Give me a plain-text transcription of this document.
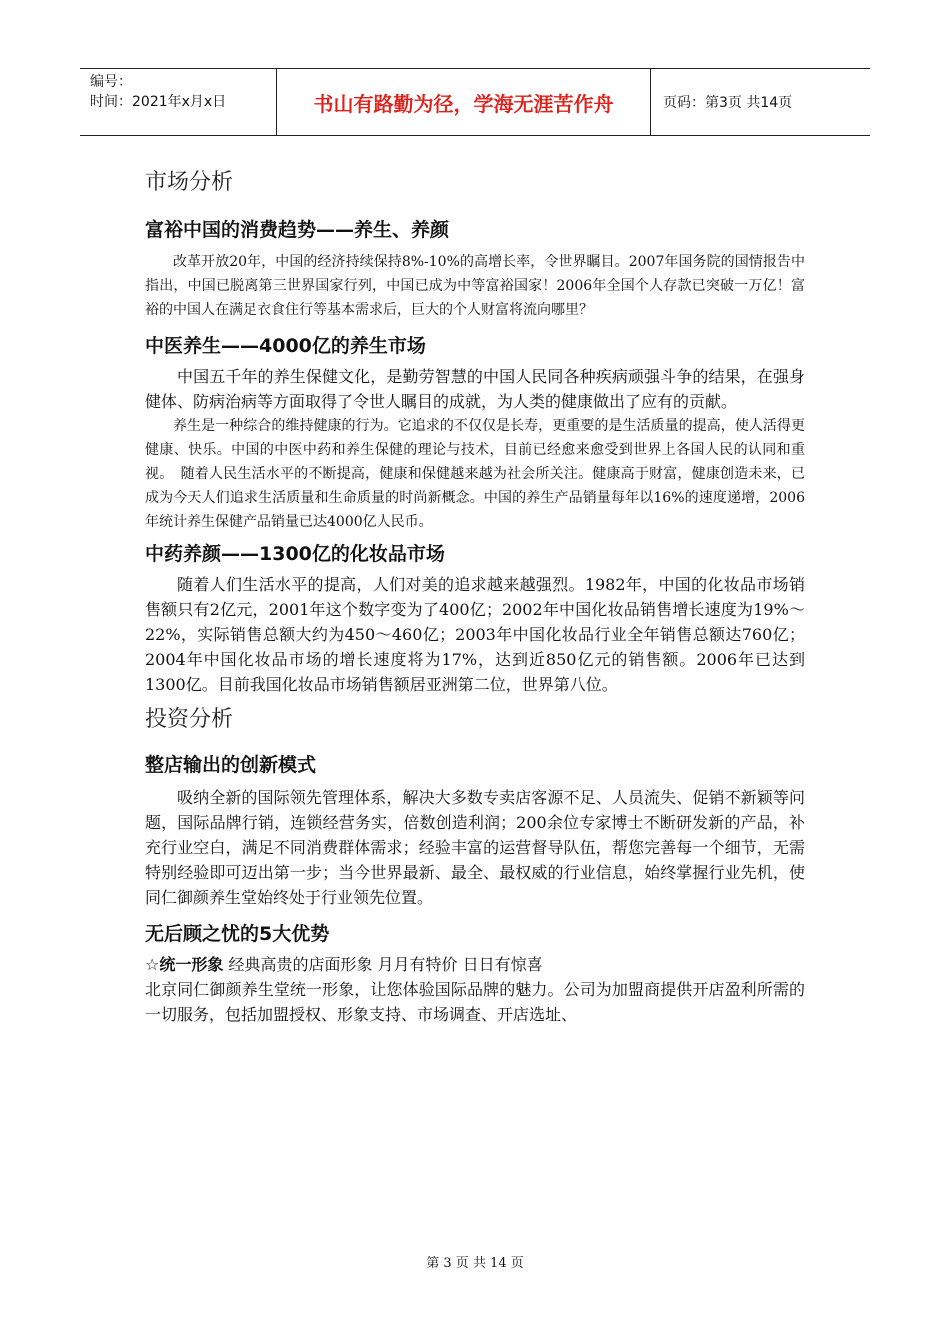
编号：
时间：2021年x月x日	书山有路勤为径，学海无涯苦作舟	页码：第3页 共14页
市场分析
富裕中国的消费趋势——养生、养颜

改革开放20年，中国的经济持续保持8%-10%的高增长率，令世界瞩目。2007年国务院的国情报告中指出，中国已脱离第三世界国家行列，中国已成为中等富裕国家！2006年全国个人存款已突破一万亿！富裕的中国人在满足衣食住行等基本需求后，巨大的个人财富将流向哪里？

中医养生——4000亿的养生市场

中国五千年的养生保健文化，是勤劳智慧的中国人民同各种疾病顽强斗争的结果，在强身健体、防病治病等方面取得了令世人瞩目的成就，为人类的健康做出了应有的贡献。

养生是一种综合的维持健康的行为。它追求的不仅仅是长寿，更重要的是生活质量的提高，使人活得更健康、快乐。中国的中医中药和养生保健的理论与技术，目前已经愈来愈受到世界上各国人民的认同和重视。　随着人民生活水平的不断提高，健康和保健越来越为社会所关注。健康高于财富，健康创造未来，已成为今天人们追求生活质量和生命质量的时尚新概念。中国的养生产品销量每年以16%的速度递增，2006年统计养生保健产品销量已达4000亿人民币。

中药养颜——1300亿的化妆品市场

随着人们生活水平的提高，人们对美的追求越来越强烈。1982年，中国的化妆品市场销售额只有2亿元，2001年这个数字变为了400亿；2002年中国化妆品销售增长速度为19%～22%，实际销售总额大约为450～460亿；2003年中国化妆品行业全年销售总额达760亿；2004年中国化妆品市场的增长速度将为17%，达到近850亿元的销售额。2006年已达到1300亿。目前我国化妆品市场销售额居亚洲第二位，世界第八位。

投资分析
整店输出的创新模式

吸纳全新的国际领先管理体系，解决大多数专卖店客源不足、人员流失、促销不新颖等问题，国际品牌行销，连锁经营务实，倍数创造利润；200余位专家博士不断研发新的产品，补充行业空白，满足不同消费群体需求；经验丰富的运营督导队伍，帮您完善每一个细节，无需特别经验即可迈出第一步；当今世界最新、最全、最权威的行业信息，始终掌握行业先机，使同仁御颜养生堂始终处于行业领先位置。

无后顾之忧的5大优势

☆统一形象 经典高贵的店面形象 月月有特价 日日有惊喜

北京同仁御颜养生堂统一形象，让您体验国际品牌的魅力。公司为加盟商提供开店盈利所需的一切服务，包括加盟授权、形象支持、市场调查、开店选址、

第 3 页 共 14 页
